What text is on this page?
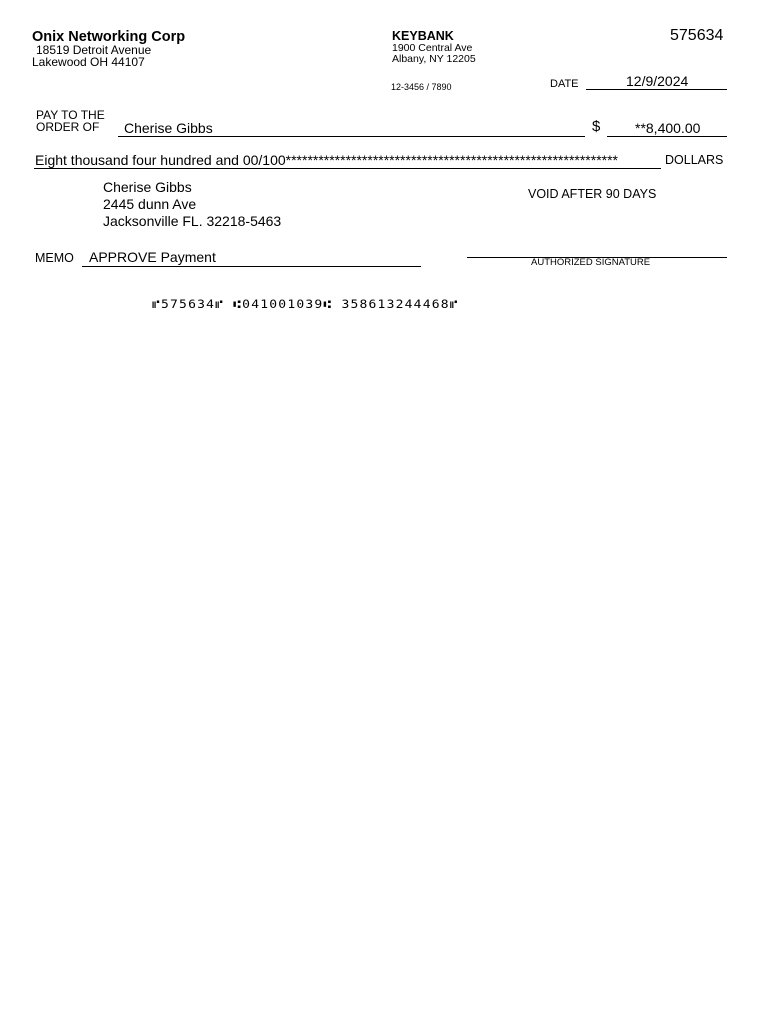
Onix Networking Corp
18519 Detroit Avenue
Lakewood OH 44107
KEYBANK
1900 Central Ave
Albany, NY 12205
12-3456 / 7890
575634
DATE	12/9/2024
PAY TO THE
ORDER OF Cherise Gibbs	$ **8,400.00
Eight thousand four hundred and 00/100*************************************************************	DOLLARS
Cherise Gibbs
2445 dunn Ave
Jacksonville FL. 32218-5463
VOID AFTER 90 DAYS
MEMO APPROVE Payment	AUTHORIZED SIGNATURE
⑈575634⑈ ⑆041001039⑆ 358613244468⑈
